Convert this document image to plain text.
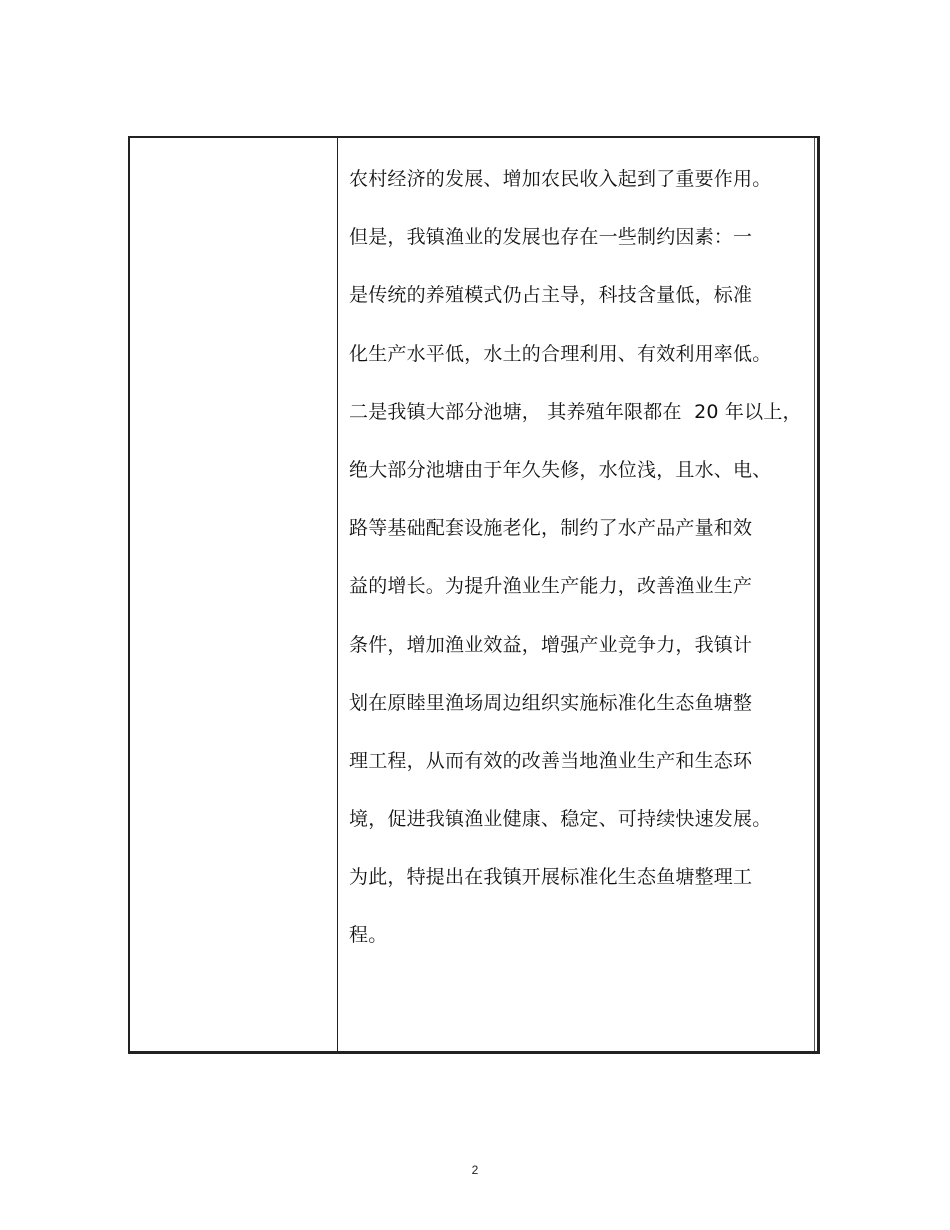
农村经济的发展、增加农民收入起到了重要作用。
但是，我镇渔业的发展也存在一些制约因素：一
是传统的养殖模式仍占主导，科技含量低，标准
化生产水平低，水土的合理利用、有效利用率低。
二是我镇大部分池塘， 其养殖年限都在  20 年以上，
绝大部分池塘由于年久失修，水位浅，且水、电、
路等基础配套设施老化，制约了水产品产量和效
益的增长。为提升渔业生产能力，改善渔业生产
条件，增加渔业效益，增强产业竞争力，我镇计
划在原睦里渔场周边组织实施标准化生态鱼塘整
理工程，从而有效的改善当地渔业生产和生态环
境，促进我镇渔业健康、稳定、可持续快速发展。
为此，特提出在我镇开展标准化生态鱼塘整理工
程。
2
